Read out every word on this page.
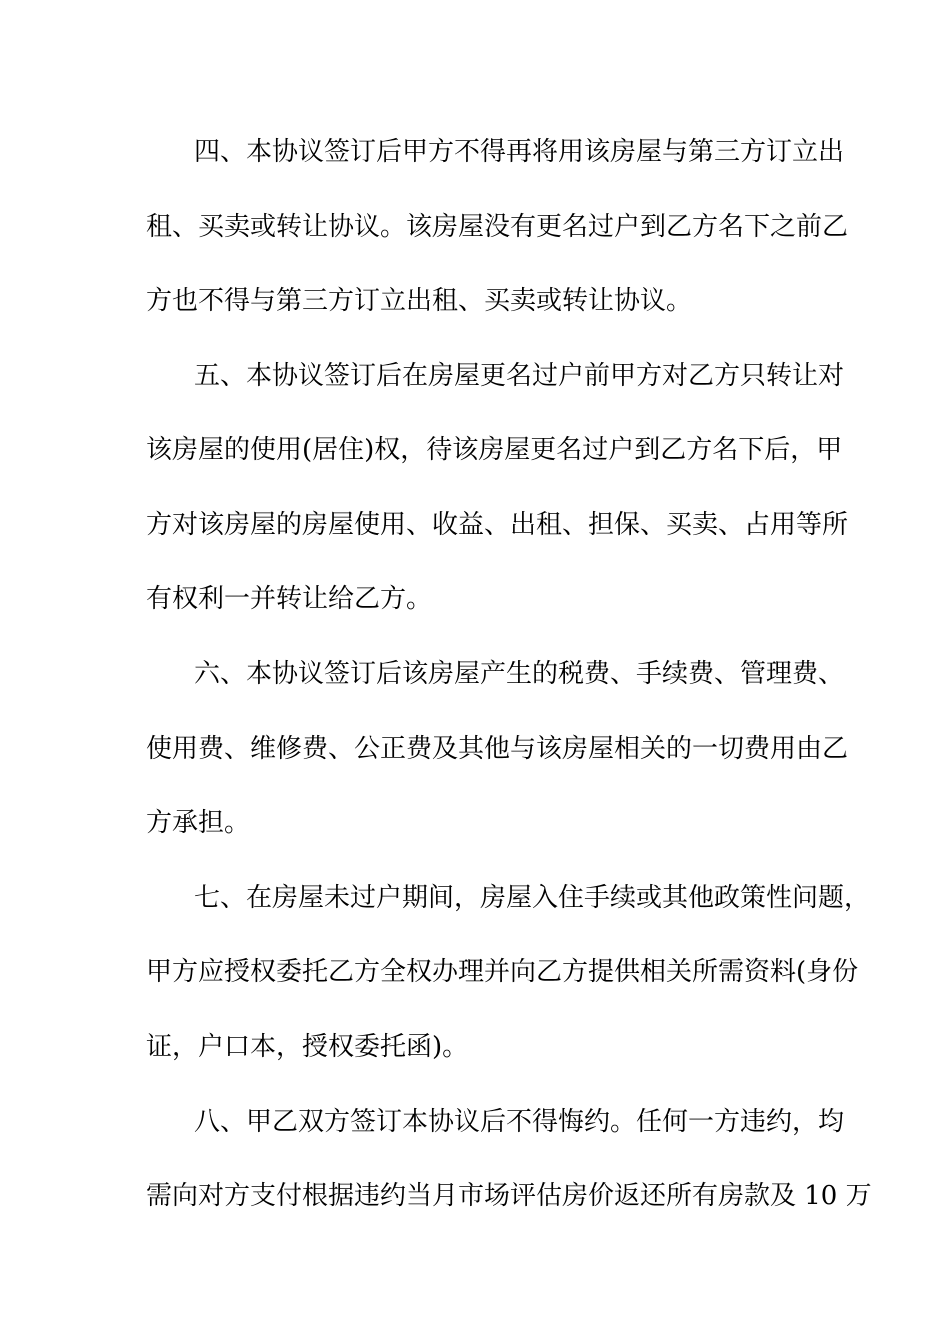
四、本协议签订后甲方不得再将用该房屋与第三方订立出
租、买卖或转让协议。该房屋没有更名过户到乙方名下之前乙
方也不得与第三方订立出租、买卖或转让协议。
五、本协议签订后在房屋更名过户前甲方对乙方只转让对
该房屋的使用(居住)权，待该房屋更名过户到乙方名下后，甲
方对该房屋的房屋使用、收益、出租、担保、买卖、占用等所
有权利一并转让给乙方。
六、本协议签订后该房屋产生的税费、手续费、管理费、
使用费、维修费、公正费及其他与该房屋相关的一切费用由乙
方承担。
七、在房屋未过户期间，房屋入住手续或其他政策性问题，
甲方应授权委托乙方全权办理并向乙方提供相关所需资料(身份
证，户口本，授权委托函)。
八、甲乙双方签订本协议后不得悔约。任何一方违约，均
需向对方支付根据违约当月市场评估房价返还所有房款及 10 万
